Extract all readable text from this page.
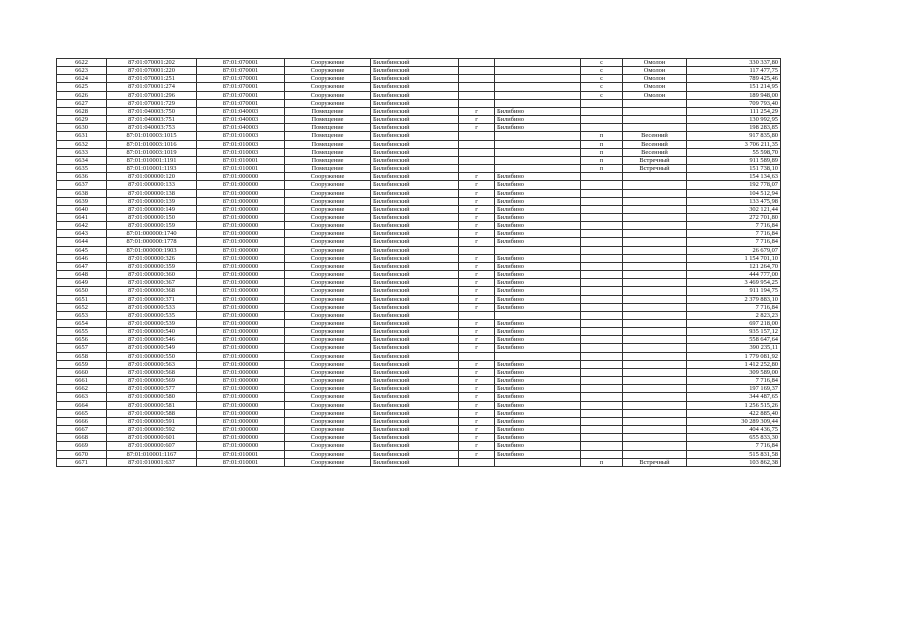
6622	87:01:070001:202	87:01:070001	Сооружение	Билибинский			с	Омолон	330 337,80
6623	87:01:070001:220	87:01:070001	Сооружение	Билибинский			с	Омолон	117 477,75
6624	87:01:070001:251	87:01:070001	Сооружение	Билибинский			с	Омолон	789 425,46
6625	87:01:070001:274	87:01:070001	Сооружение	Билибинский			с	Омолон	151 214,95
6626	87:01:070001:296	87:01:070001	Сооружение	Билибинский			с	Омолон	189 948,00
6627	87:01:070001:729	87:01:070001	Сооружение	Билибинский					709 793,40
6628	87:01:040003:750	87:01:040003	Помещение	Билибинский	г	Билибино			111 254,29
6629	87:01:040003:751	87:01:040003	Помещение	Билибинский	г	Билибино			130 992,95
6630	87:01:040003:753	87:01:040003	Помещение	Билибинский	г	Билибино			198 283,85
6631	87:01:010003:1015	87:01:010003	Помещение	Билибинский			п	Весенний	917 835,80
6632	87:01:010003:1016	87:01:010003	Помещение	Билибинский			п	Весенний	3 706 211,35
6633	87:01:010003:1019	87:01:010003	Помещение	Билибинский			п	Весенний	55 598,70
6634	87:01:010001:1191	87:01:010001	Помещение	Билибинский			п	Встречный	911 589,89
6635	87:01:010001:1193	87:01:010001	Помещение	Билибинский			п	Встречный	151 738,10
6636	87:01:000000:120	87:01:000000	Сооружение	Билибинский	г	Билибино			154 134,63
6637	87:01:000000:133	87:01:000000	Сооружение	Билибинский	г	Билибино			192 778,07
6638	87:01:000000:138	87:01:000000	Сооружение	Билибинский	г	Билибино			104 512,94
6639	87:01:000000:139	87:01:000000	Сооружение	Билибинский	г	Билибино			133 475,98
6640	87:01:000000:149	87:01:000000	Сооружение	Билибинский	г	Билибино			302 121,44
6641	87:01:000000:150	87:01:000000	Сооружение	Билибинский	г	Билибино			272 701,80
6642	87:01:000000:159	87:01:000000	Сооружение	Билибинский	г	Билибино			7 716,84
6643	87:01:000000:1740	87:01:000000	Сооружение	Билибинский	г	Билибино			7 716,84
6644	87:01:000000:1778	87:01:000000	Сооружение	Билибинский	г	Билибино			7 716,84
6645	87:01:000000:1903	87:01:000000	Сооружение	Билибинский					26 679,07
6646	87:01:000000:326	87:01:000000	Сооружение	Билибинский	г	Билибино			1 154 701,10
6647	87:01:000000:359	87:01:000000	Сооружение	Билибинский	г	Билибино			121 264,70
6648	87:01:000000:360	87:01:000000	Сооружение	Билибинский	г	Билибино			444 777,00
6649	87:01:000000:367	87:01:000000	Сооружение	Билибинский	г	Билибино			3 469 954,25
6650	87:01:000000:368	87:01:000000	Сооружение	Билибинский	г	Билибино			911 194,75
6651	87:01:000000:371	87:01:000000	Сооружение	Билибинский	г	Билибино			2 379 883,10
6652	87:01:000000:533	87:01:000000	Сооружение	Билибинский	г	Билибино			7 716,84
6653	87:01:000000:535	87:01:000000	Сооружение	Билибинский					2 823,23
6654	87:01:000000:539	87:01:000000	Сооружение	Билибинский	г	Билибино			697 218,00
6655	87:01:000000:540	87:01:000000	Сооружение	Билибинский	г	Билибино			935 157,12
6656	87:01:000000:546	87:01:000000	Сооружение	Билибинский	г	Билибино			558 647,64
6657	87:01:000000:549	87:01:000000	Сооружение	Билибинский	г	Билибино			390 235,11
6658	87:01:000000:550	87:01:000000	Сооружение	Билибинский					1 779 081,92
6659	87:01:000000:563	87:01:000000	Сооружение	Билибинский	г	Билибино			1 412 252,80
6660	87:01:000000:568	87:01:000000	Сооружение	Билибинский	г	Билибино			309 589,00
6661	87:01:000000:569	87:01:000000	Сооружение	Билибинский	г	Билибино			7 716,84
6662	87:01:000000:577	87:01:000000	Сооружение	Билибинский	г	Билибино			197 169,37
6663	87:01:000000:580	87:01:000000	Сооружение	Билибинский	г	Билибино			344 487,65
6664	87:01:000000:581	87:01:000000	Сооружение	Билибинский	г	Билибино			1 256 515,26
6665	87:01:000000:588	87:01:000000	Сооружение	Билибинский	г	Билибино			422 885,40
6666	87:01:000000:591	87:01:000000	Сооружение	Билибинский	г	Билибино			30 289 309,44
6667	87:01:000000:592	87:01:000000	Сооружение	Билибинский	г	Билибино			404 436,75
6668	87:01:000000:601	87:01:000000	Сооружение	Билибинский	г	Билибино			655 833,30
6669	87:01:000000:607	87:01:000000	Сооружение	Билибинский	г	Билибино			7 716,84
6670	87:01:010001:1167	87:01:010001	Сооружение	Билибинский	г	Билибино			515 831,58
6671	87:01:010001:637	87:01:010001	Сооружение	Билибинский			п	Встречный	103 862,38
